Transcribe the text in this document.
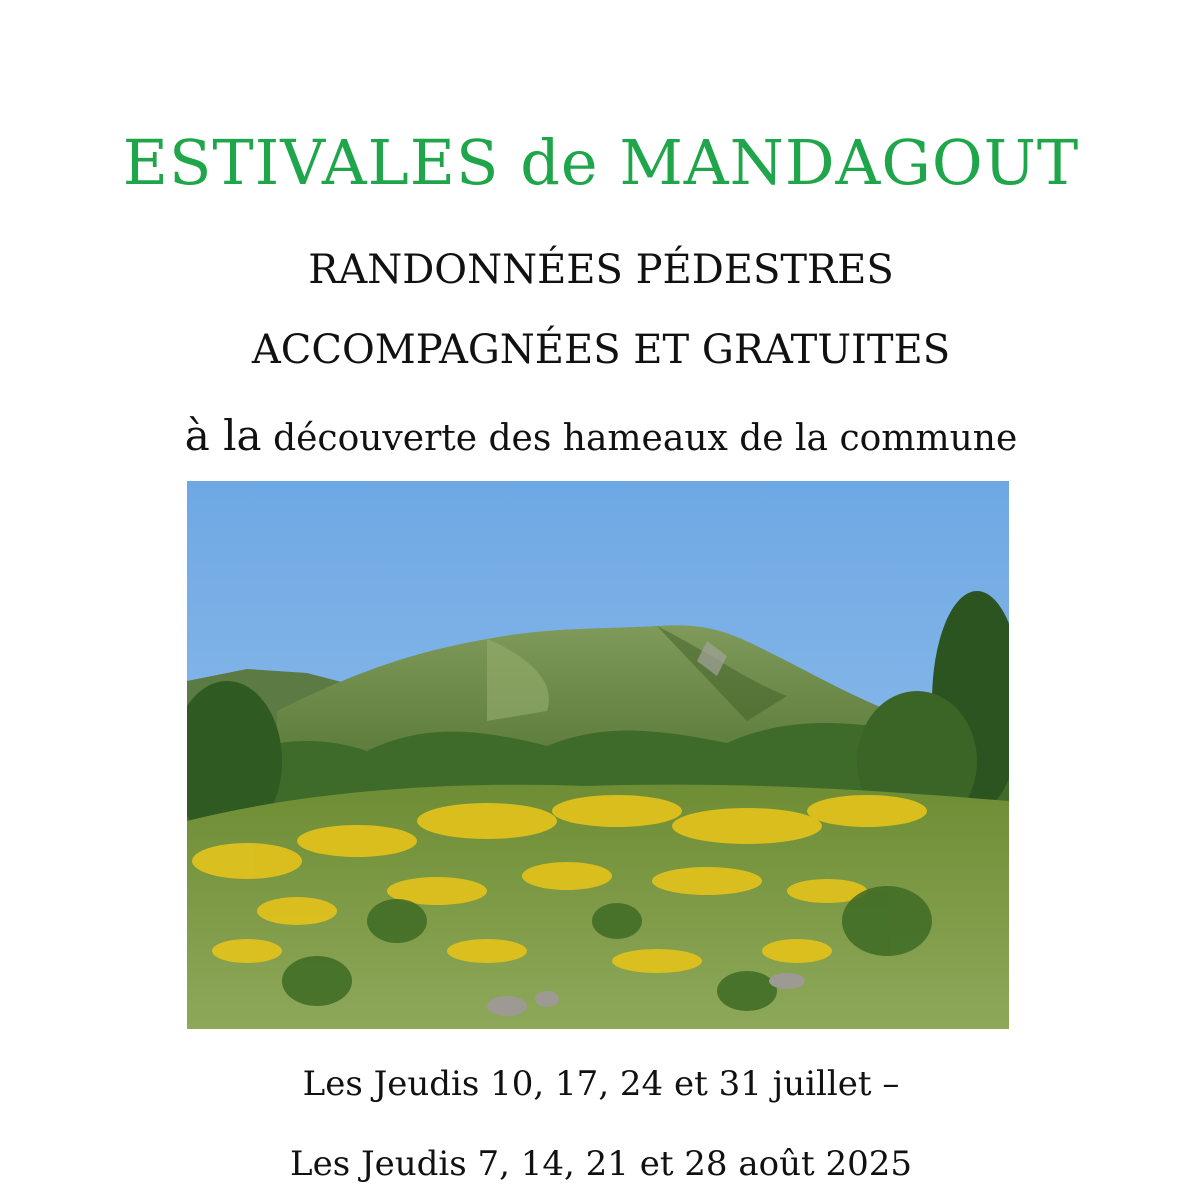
ESTIVALES de MANDAGOUT
RANDONNÉES PÉDESTRES
ACCOMPAGNÉES ET GRATUITES
à la découverte des hameaux de la commune
Les Jeudis 10, 17, 24 et 31 juillet –
Les Jeudis 7, 14, 21 et 28 août 2025
